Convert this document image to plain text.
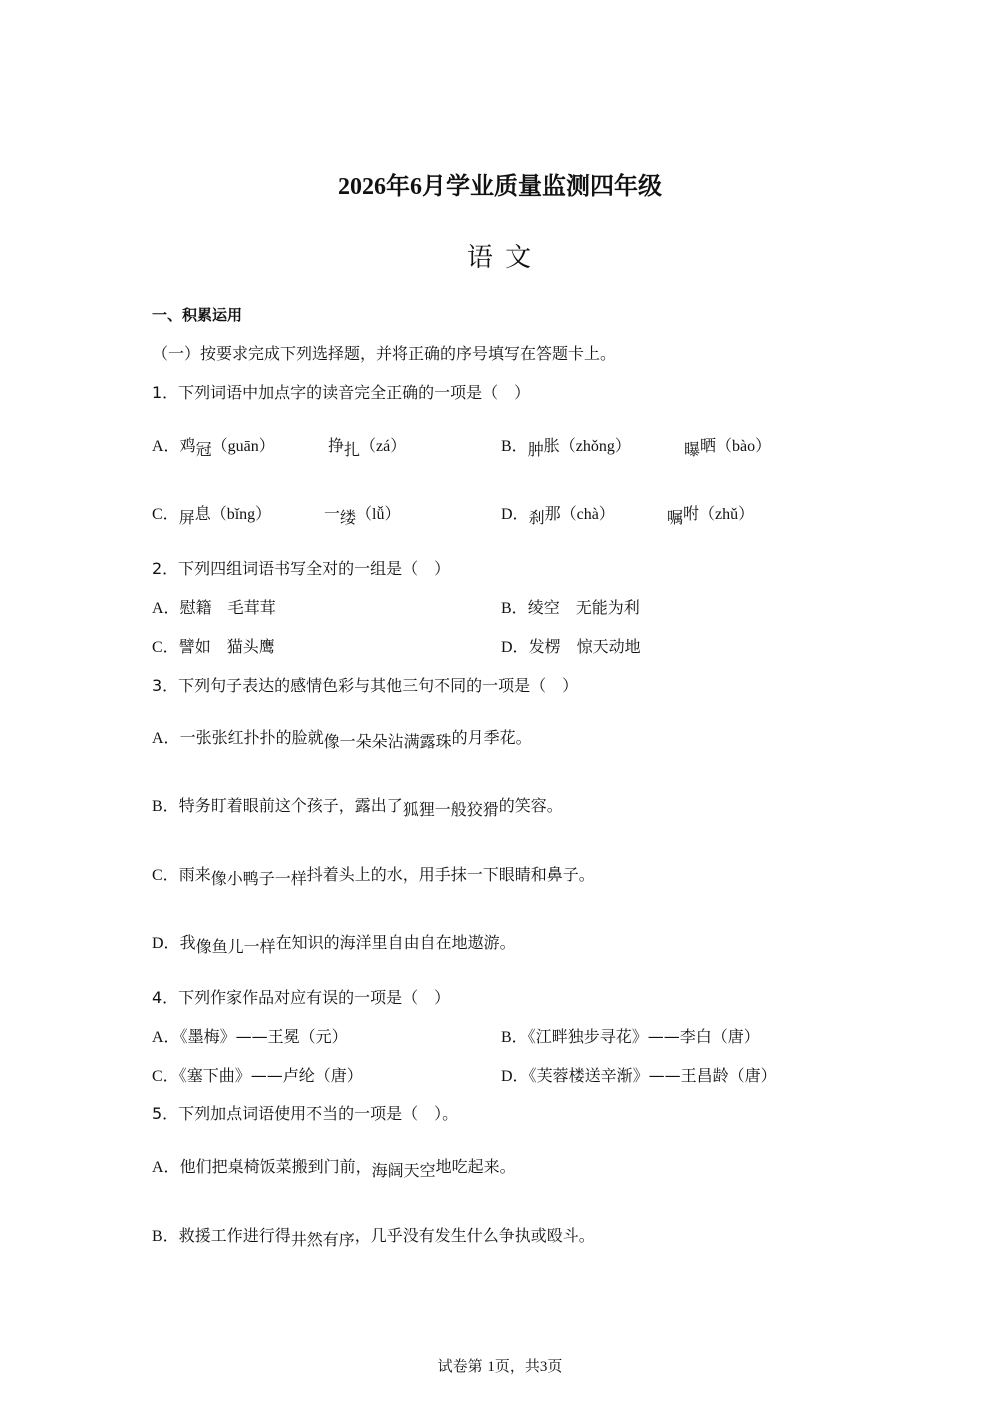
2026年6月学业质量监测四年级
语 文
一、积累运用
（一）按要求完成下列选择题，并将正确的序号填写在答题卡上。
1．下列词语中加点字的读音完全正确的一项是（　）
A．鸡冠（guān）	挣扎（zá）	B．肿胀（zhǒng）	曝晒（bào）
C．屏息（bǐng）	一缕（lǚ）	D．刹那（chà）	嘱咐（zhǔ）
2．下列四组词语书写全对的一组是（　）
A．慰籍　毛茸茸	B．绫空　无能为利
C．譬如　猫头鹰	D．发楞　惊天动地
3．下列句子表达的感情色彩与其他三句不同的一项是（　）
A．一张张红扑扑的脸就像一朵朵沾满露珠的月季花。
B．特务盯着眼前这个孩子，露出了狐狸一般狡猾的笑容。
C．雨来像小鸭子一样抖着头上的水，用手抹一下眼睛和鼻子。
D．我像鱼儿一样在知识的海洋里自由自在地遨游。
4．下列作家作品对应有误的一项是（　）
A．《墨梅》——王冕（元）	B．《江畔独步寻花》——李白（唐）
C．《塞下曲》——卢纶（唐）	D．《芙蓉楼送辛渐》——王昌龄（唐）
5．下列加点词语使用不当的一项是（　）。
A．他们把桌椅饭菜搬到门前，海阔天空地吃起来。
B．救援工作进行得井然有序，几乎没有发生什么争执或殴斗。
试卷第 1页，共3页
